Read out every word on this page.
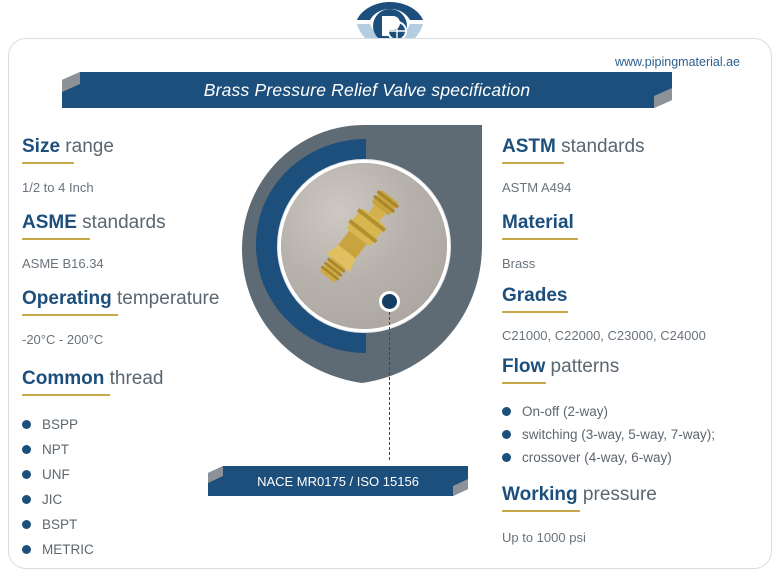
www.pipingmaterial.ae
Brass Pressure Relief Valve specification
Size range
1/2 to 4 Inch
ASME standards
ASME B16.34
Operating temperature
-20°C - 200°C
Common thread
BSPP
NPT
UNF
JIC
BSPT
METRIC
ASTM standards
ASTM A494
Material
Brass
Grades
C21000, C22000, C23000, C24000
Flow patterns
On-off (2-way)
switching (3-way, 5-way, 7-way);
crossover (4-way, 6-way)
Working pressure
Up to 1000 psi
NACE MR0175 / ISO 15156
